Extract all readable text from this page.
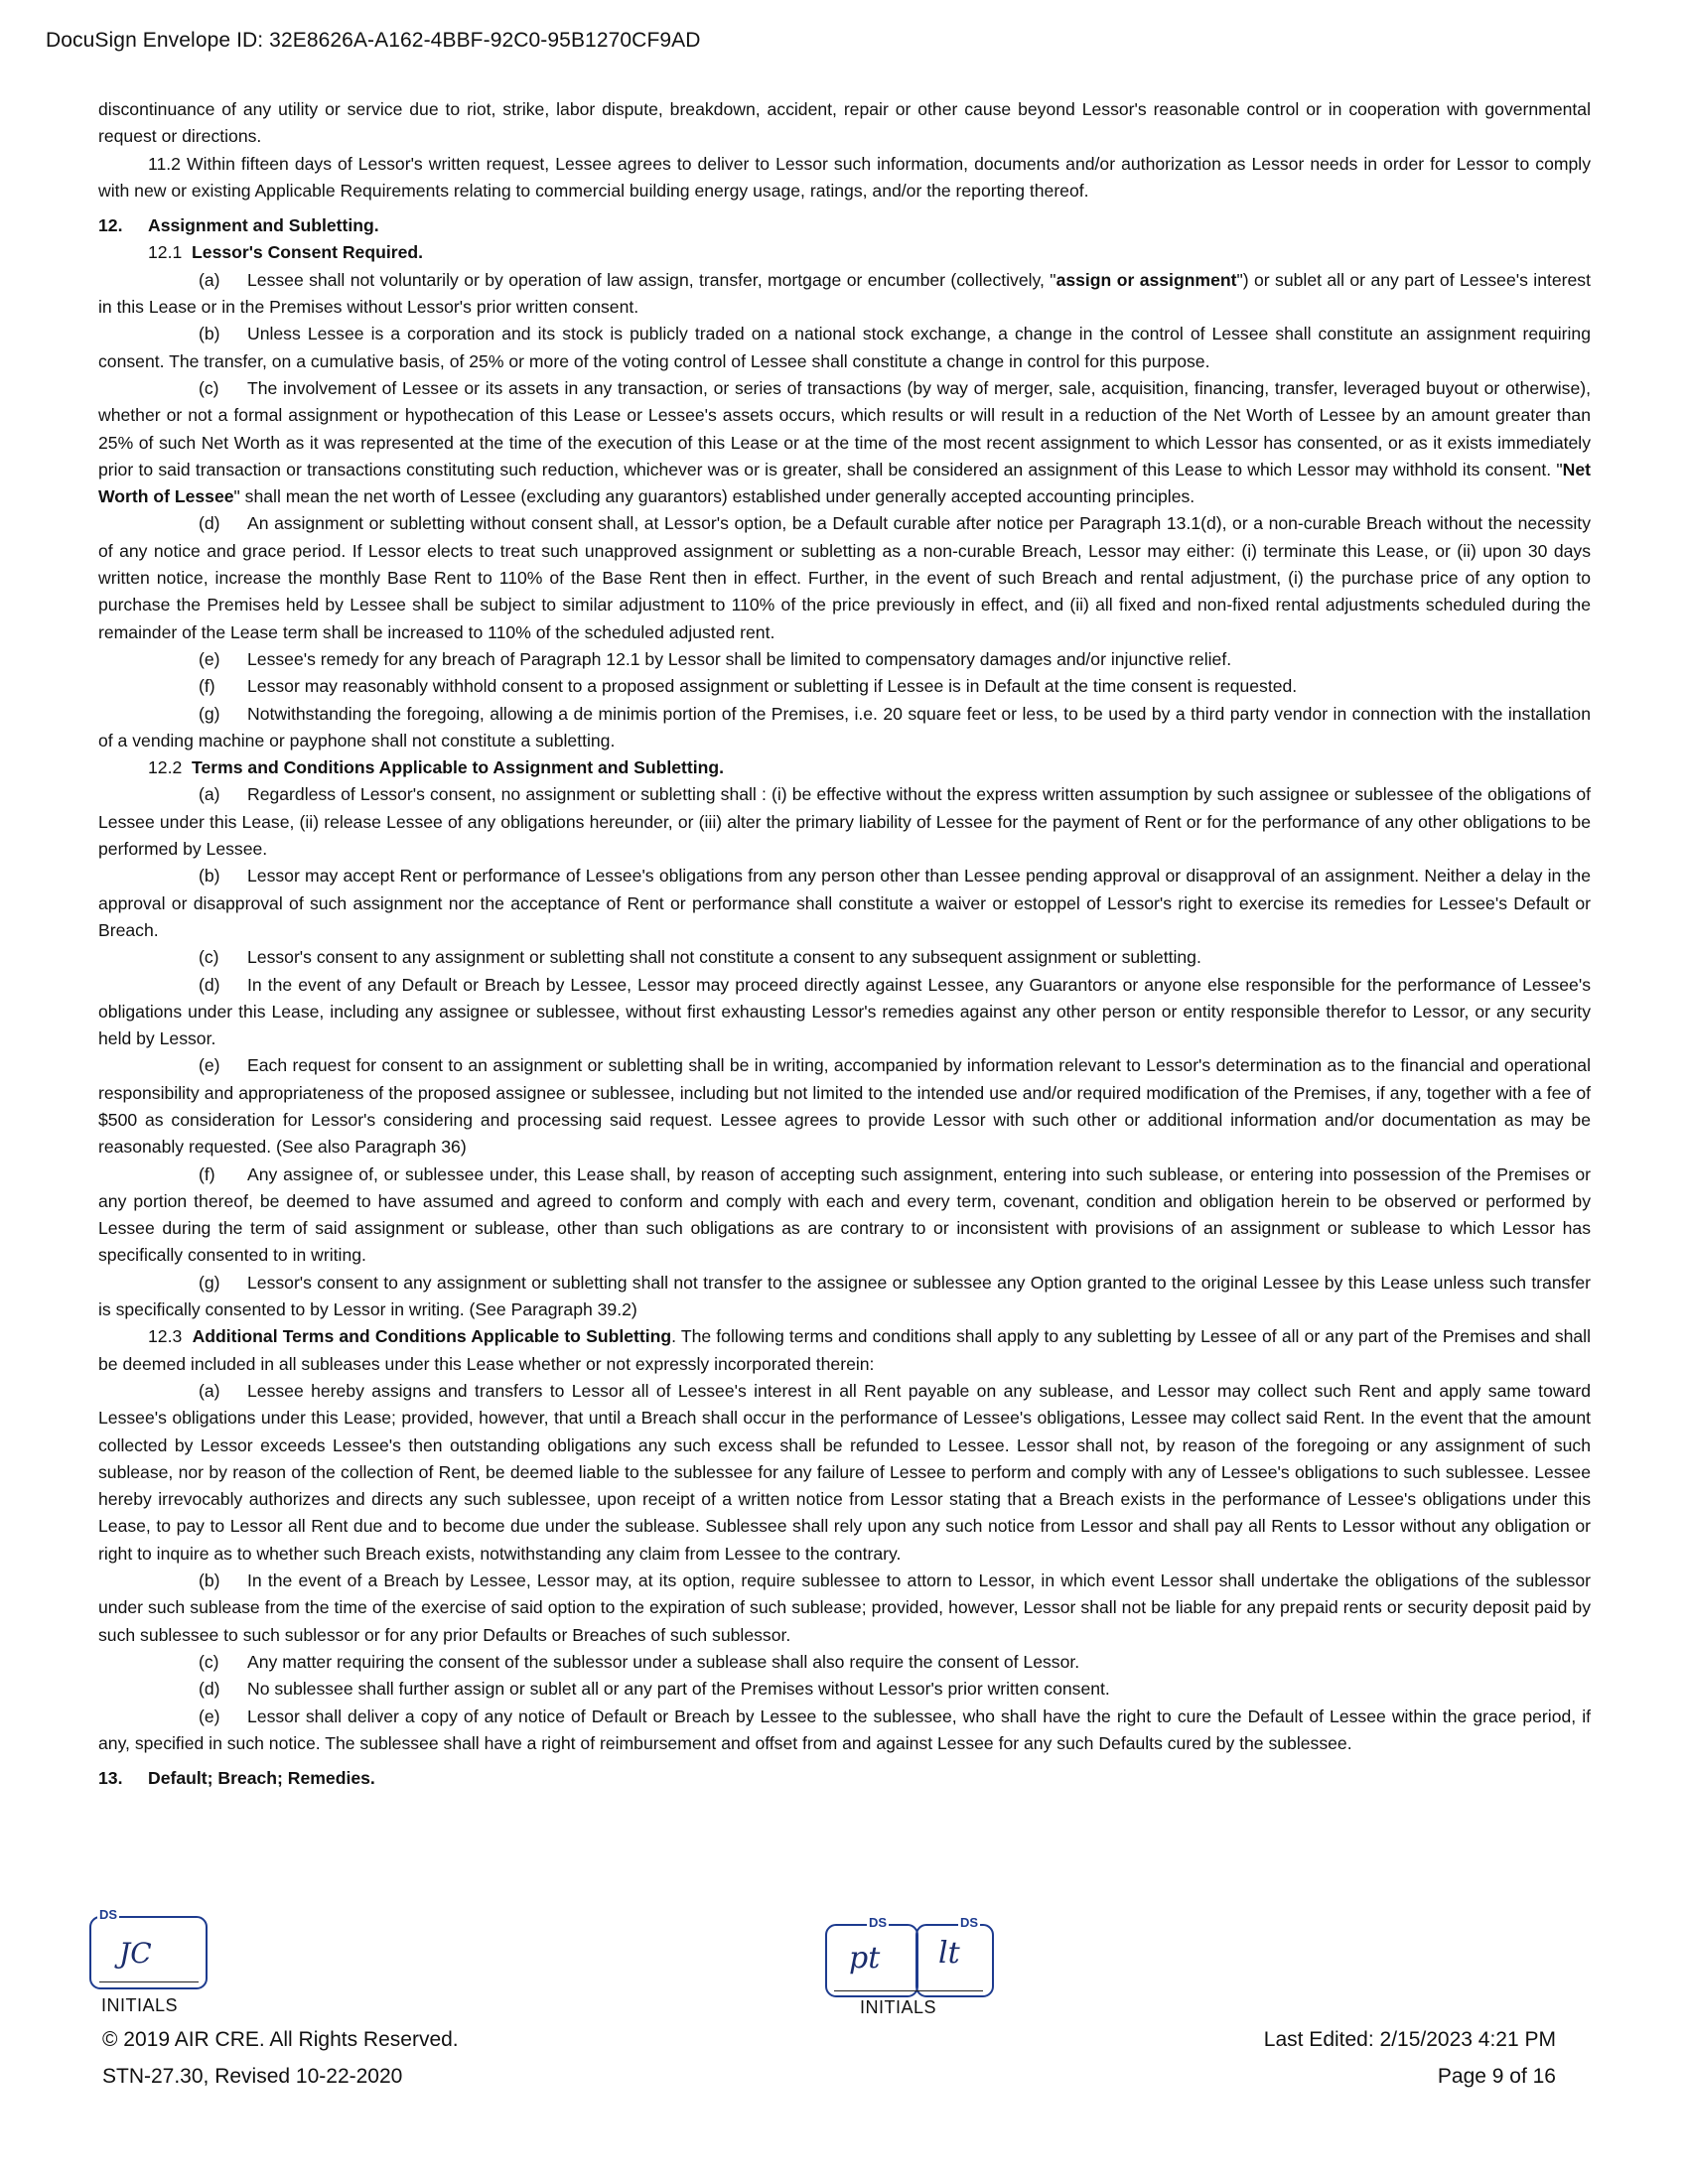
DocuSign Envelope ID: 32E8626A-A162-4BBF-92C0-95B1270CF9AD

discontinuance of any utility or service due to riot, strike, labor dispute, breakdown, accident, repair or other cause beyond Lessor's reasonable control or in cooperation with governmental request or directions.

11.2 Within fifteen days of Lessor's written request, Lessee agrees to deliver to Lessor such information, documents and/or authorization as Lessor needs in order for Lessor to comply with new or existing Applicable Requirements relating to commercial building energy usage, ratings, and/or the reporting thereof.

12. Assignment and Subletting.

12.1 Lessor's Consent Required.

(a) Lessee shall not voluntarily or by operation of law assign, transfer, mortgage or encumber (collectively, "assign or assignment") or sublet all or any part of Lessee's interest in this Lease or in the Premises without Lessor's prior written consent.

(b) Unless Lessee is a corporation and its stock is publicly traded on a national stock exchange, a change in the control of Lessee shall constitute an assignment requiring consent. The transfer, on a cumulative basis, of 25% or more of the voting control of Lessee shall constitute a change in control for this purpose.

(c) The involvement of Lessee or its assets in any transaction, or series of transactions (by way of merger, sale, acquisition, financing, transfer, leveraged buyout or otherwise), whether or not a formal assignment or hypothecation of this Lease or Lessee's assets occurs, which results or will result in a reduction of the Net Worth of Lessee by an amount greater than 25% of such Net Worth as it was represented at the time of the execution of this Lease or at the time of the most recent assignment to which Lessor has consented, or as it exists immediately prior to said transaction or transactions constituting such reduction, whichever was or is greater, shall be considered an assignment of this Lease to which Lessor may withhold its consent. "Net Worth of Lessee" shall mean the net worth of Lessee (excluding any guarantors) established under generally accepted accounting principles.

(d) An assignment or subletting without consent shall, at Lessor's option, be a Default curable after notice per Paragraph 13.1(d), or a non-curable Breach without the necessity of any notice and grace period. If Lessor elects to treat such unapproved assignment or subletting as a non-curable Breach, Lessor may either: (i) terminate this Lease, or (ii) upon 30 days written notice, increase the monthly Base Rent to 110% of the Base Rent then in effect. Further, in the event of such Breach and rental adjustment, (i) the purchase price of any option to purchase the Premises held by Lessee shall be subject to similar adjustment to 110% of the price previously in effect, and (ii) all fixed and non-fixed rental adjustments scheduled during the remainder of the Lease term shall be increased to 110% of the scheduled adjusted rent.

(e) Lessee's remedy for any breach of Paragraph 12.1 by Lessor shall be limited to compensatory damages and/or injunctive relief.

(f) Lessor may reasonably withhold consent to a proposed assignment or subletting if Lessee is in Default at the time consent is requested.

(g) Notwithstanding the foregoing, allowing a de minimis portion of the Premises, i.e. 20 square feet or less, to be used by a third party vendor in connection with the installation of a vending machine or payphone shall not constitute a subletting.

12.2 Terms and Conditions Applicable to Assignment and Subletting.

(a) Regardless of Lessor's consent, no assignment or subletting shall : (i) be effective without the express written assumption by such assignee or sublessee of the obligations of Lessee under this Lease, (ii) release Lessee of any obligations hereunder, or (iii) alter the primary liability of Lessee for the payment of Rent or for the performance of any other obligations to be performed by Lessee.

(b) Lessor may accept Rent or performance of Lessee's obligations from any person other than Lessee pending approval or disapproval of an assignment. Neither a delay in the approval or disapproval of such assignment nor the acceptance of Rent or performance shall constitute a waiver or estoppel of Lessor's right to exercise its remedies for Lessee's Default or Breach.

(c) Lessor's consent to any assignment or subletting shall not constitute a consent to any subsequent assignment or subletting.

(d) In the event of any Default or Breach by Lessee, Lessor may proceed directly against Lessee, any Guarantors or anyone else responsible for the performance of Lessee's obligations under this Lease, including any assignee or sublessee, without first exhausting Lessor's remedies against any other person or entity responsible therefor to Lessor, or any security held by Lessor.

(e) Each request for consent to an assignment or subletting shall be in writing, accompanied by information relevant to Lessor's determination as to the financial and operational responsibility and appropriateness of the proposed assignee or sublessee, including but not limited to the intended use and/or required modification of the Premises, if any, together with a fee of $500 as consideration for Lessor's considering and processing said request. Lessee agrees to provide Lessor with such other or additional information and/or documentation as may be reasonably requested. (See also Paragraph 36)

(f) Any assignee of, or sublessee under, this Lease shall, by reason of accepting such assignment, entering into such sublease, or entering into possession of the Premises or any portion thereof, be deemed to have assumed and agreed to conform and comply with each and every term, covenant, condition and obligation herein to be observed or performed by Lessee during the term of said assignment or sublease, other than such obligations as are contrary to or inconsistent with provisions of an assignment or sublease to which Lessor has specifically consented to in writing.

(g) Lessor's consent to any assignment or subletting shall not transfer to the assignee or sublessee any Option granted to the original Lessee by this Lease unless such transfer is specifically consented to by Lessor in writing. (See Paragraph 39.2)

12.3 Additional Terms and Conditions Applicable to Subletting. The following terms and conditions shall apply to any subletting by Lessee of all or any part of the Premises and shall be deemed included in all subleases under this Lease whether or not expressly incorporated therein:

(a) Lessee hereby assigns and transfers to Lessor all of Lessee's interest in all Rent payable on any sublease, and Lessor may collect such Rent and apply same toward Lessee's obligations under this Lease; provided, however, that until a Breach shall occur in the performance of Lessee's obligations, Lessee may collect said Rent. In the event that the amount collected by Lessor exceeds Lessee's then outstanding obligations any such excess shall be refunded to Lessee. Lessor shall not, by reason of the foregoing or any assignment of such sublease, nor by reason of the collection of Rent, be deemed liable to the sublessee for any failure of Lessee to perform and comply with any of Lessee's obligations to such sublessee. Lessee hereby irrevocably authorizes and directs any such sublessee, upon receipt of a written notice from Lessor stating that a Breach exists in the performance of Lessee's obligations under this Lease, to pay to Lessor all Rent due and to become due under the sublease. Sublessee shall rely upon any such notice from Lessor and shall pay all Rents to Lessor without any obligation or right to inquire as to whether such Breach exists, notwithstanding any claim from Lessee to the contrary.

(b) In the event of a Breach by Lessee, Lessor may, at its option, require sublessee to attorn to Lessor, in which event Lessor shall undertake the obligations of the sublessor under such sublease from the time of the exercise of said option to the expiration of such sublease; provided, however, Lessor shall not be liable for any prepaid rents or security deposit paid by such sublessee to such sublessor or for any prior Defaults or Breaches of such sublessor.

(c) Any matter requiring the consent of the sublessor under a sublease shall also require the consent of Lessor.

(d) No sublessee shall further assign or sublet all or any part of the Premises without Lessor's prior written consent.

(e) Lessor shall deliver a copy of any notice of Default or Breach by Lessee to the sublessee, who shall have the right to cure the Default of Lessee within the grace period, if any, specified in such notice. The sublessee shall have a right of reimbursement and offset from and against Lessee for any such Defaults cured by the sublessee.

13. Default; Breach; Remedies.

DS
JC
INITIALS
DS	DS
pt lt
INITIALS
© 2019 AIR CRE. All Rights Reserved.
STN-27.30, Revised 10-22-2020
Last Edited: 2/15/2023 4:21 PM
Page 9 of 16
